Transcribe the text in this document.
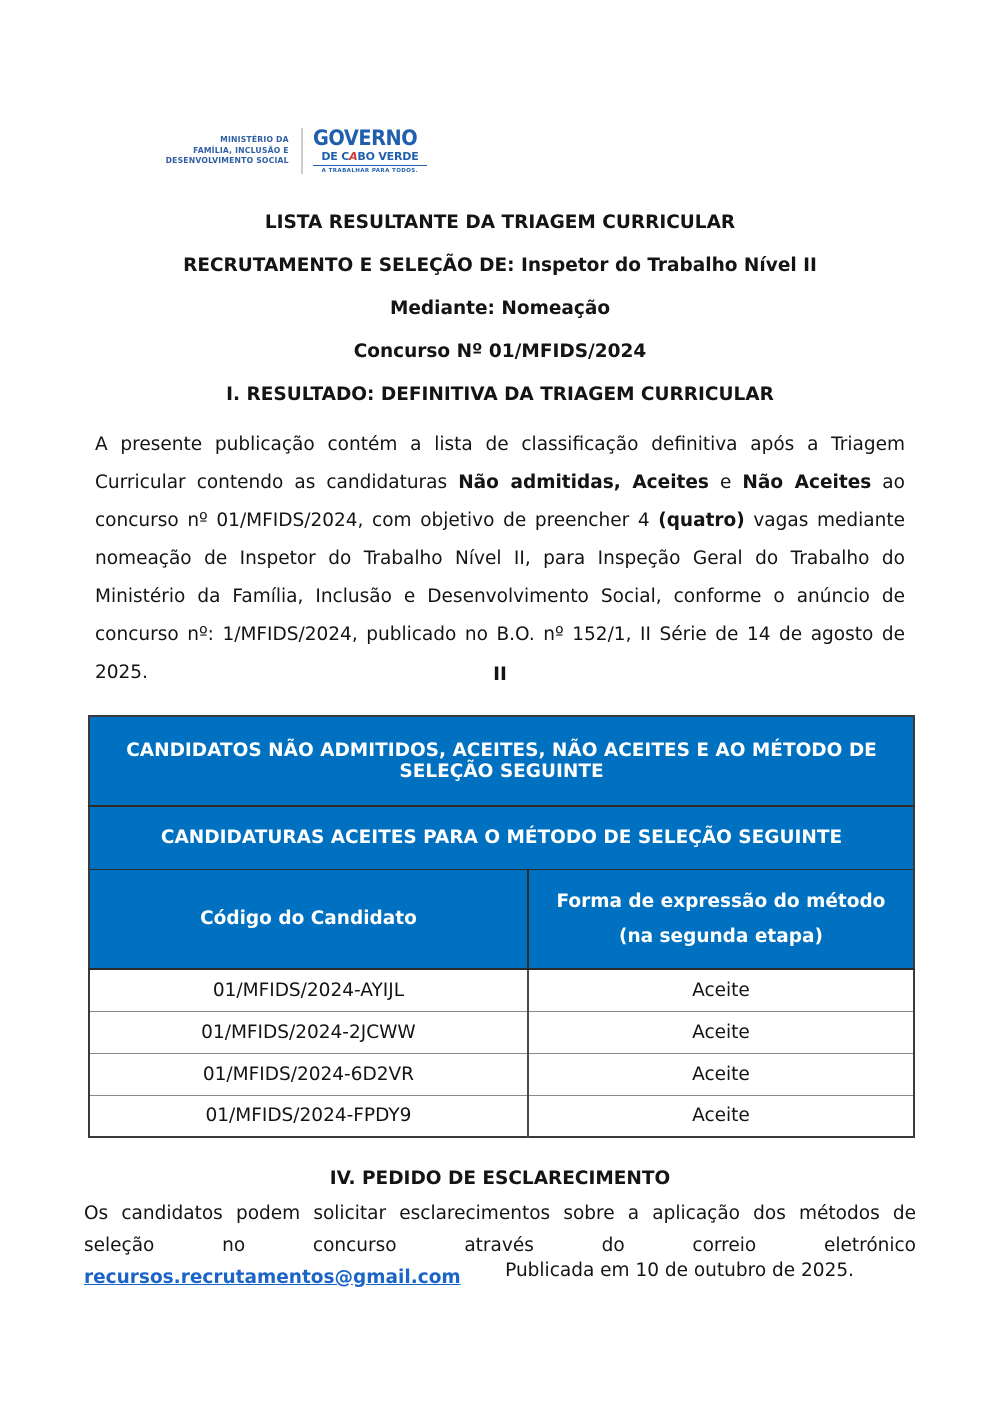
MINISTÉRIO DA
FAMÍLIA, INCLUSÃO E
DESENVOLVIMENTO SOCIAL
GOVERNO
DE CABO VERDE
A TRABALHAR PARA TODOS.
LISTA RESULTANTE DA TRIAGEM CURRICULAR
RECRUTAMENTO E SELEÇÃO DE: Inspetor do Trabalho Nível II
Mediante: Nomeação
Concurso Nº 01/MFIDS/2024
I. RESULTADO: DEFINITIVA DA TRIAGEM CURRICULAR

A presente publicação contém a lista de classificação definitiva após a Triagem Curricular contendo as candidaturas Não admitidas, Aceites e Não Aceites ao concurso nº 01/MFIDS/2024, com objetivo de preencher 4 (quatro) vagas mediante nomeação de Inspetor do Trabalho Nível II, para Inspeção Geral do Trabalho do Ministério da Família, Inclusão e Desenvolvimento Social, conforme o anúncio de concurso nº: 1/MFIDS/2024, publicado no B.O. nº 152/1, II Série de 14 de agosto de 2025.	II
CANDIDATOS NÃO ADMITIDOS, ACEITES, NÃO ACEITES E AO MÉTODO DE SELEÇÃO SEGUINTE	
CANDIDATURAS ACEITES PARA O MÉTODO DE SELEÇÃO SEGUINTE	
Código do Candidato	Forma de expressão do método
(na segunda etapa)

01/MFIDS/2024-AYIJL	Aceite
01/MFIDS/2024-2JCWW	Aceite
01/MFIDS/2024-6D2VR	Aceite
01/MFIDS/2024-FPDY9	Aceite
IV. PEDIDO DE ESCLARECIMENTO

Os candidatos podem solicitar esclarecimentos sobre a aplicação dos métodos de seleção no concurso através do correio eletrónico recursos.recrutamentos@gmail.com	Publicada em 10 de outubro de 2025.
